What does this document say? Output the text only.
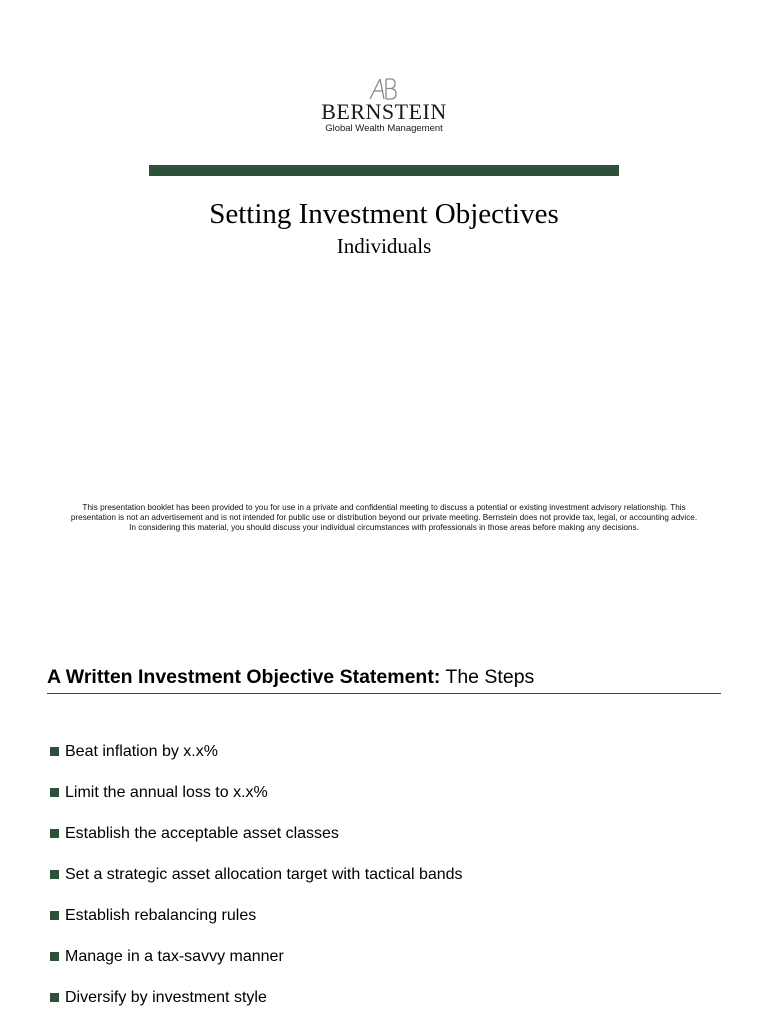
BERNSTEIN
Global Wealth Management
Setting Investment Objectives
Individuals
This presentation booklet has been provided to you for use in a private and confidential meeting to discuss a potential or existing investment advisory relationship. This presentation is not an advertisement and is not intended for public use or distribution beyond our private meeting. Bernstein does not provide tax, legal, or accounting advice. In considering this material, you should discuss your individual circumstances with professionals in those areas before making any decisions.
A Written Investment Objective Statement: The Steps
Beat inflation by x.x%
Limit the annual loss to x.x%
Establish the acceptable asset classes
Set a strategic asset allocation target with tactical bands
Establish rebalancing rules
Manage in a tax-savvy manner
Diversify by investment style
